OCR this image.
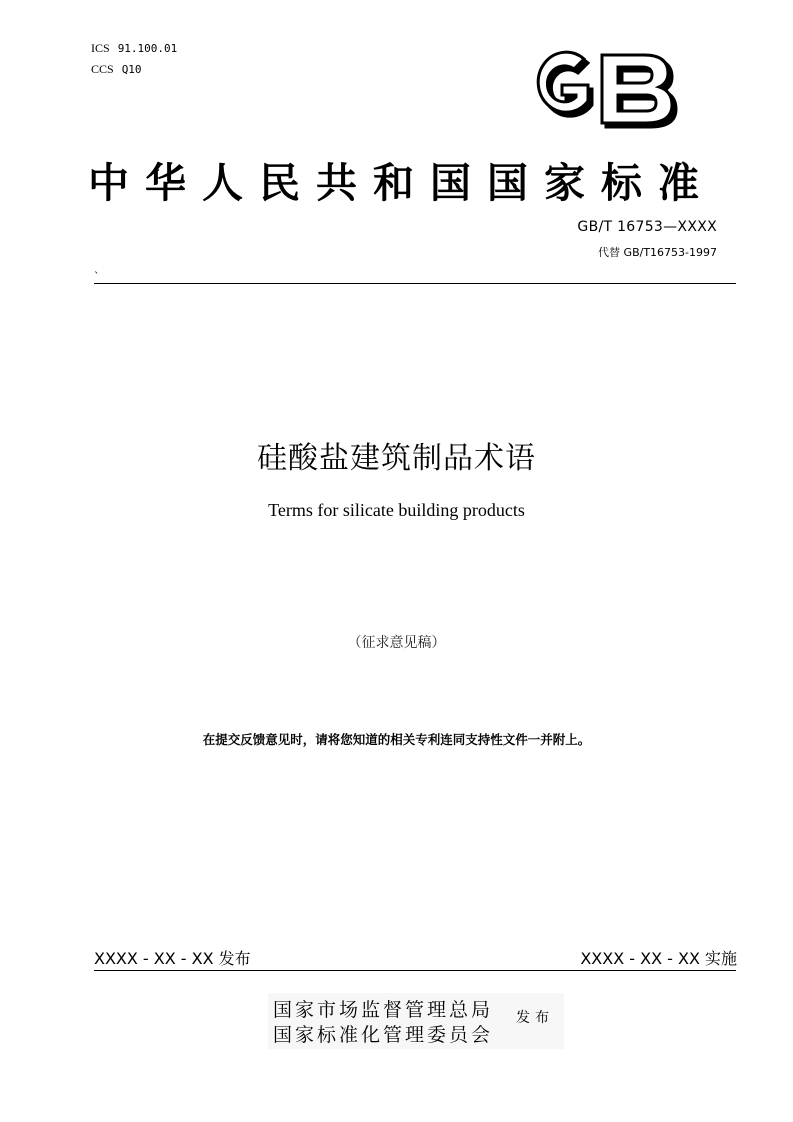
ICS 91.100.01
CCS Q10
中华人民共和国国家标准
GB/T 16753—XXXX
代替 GB/T16753-1997
`
硅酸盐建筑制品术语
Terms for silicate building products
（征求意见稿）
在提交反馈意见时，请将您知道的相关专利连同支持性文件一并附上。
XXXX - XX - XX 发布	XXXX - XX - XX 实施
国家市场监督管理总局
国家标准化管理委员会
发布
